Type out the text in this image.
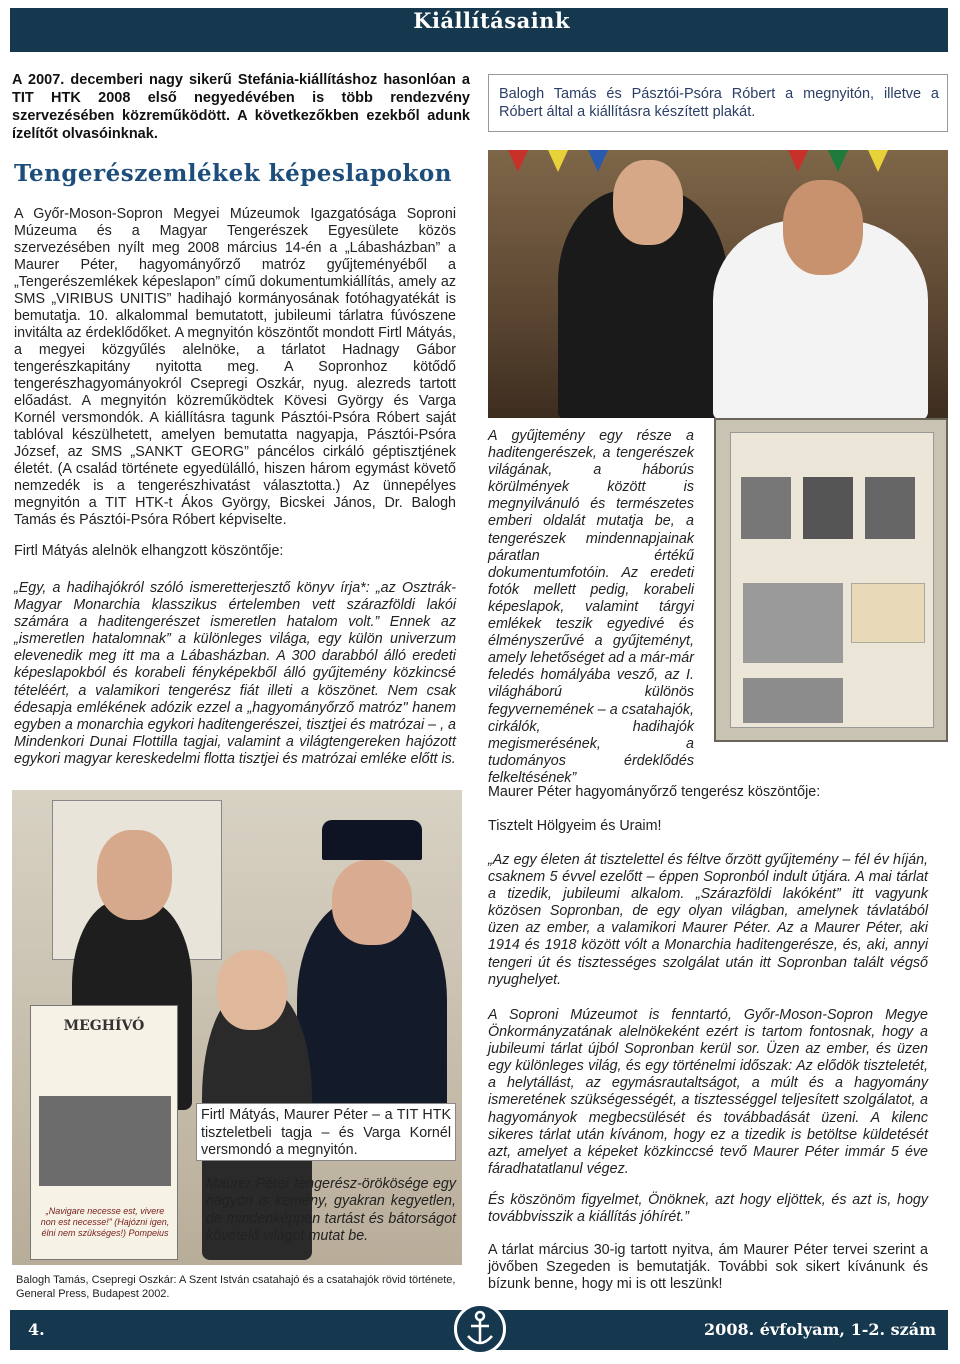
Kiállításaink
A 2007. decemberi nagy sikerű Stefánia-kiállításhoz hasonlóan a TIT HTK 2008 első negyedévében is több rendezvény szervezésében közreműködött. A következőkben ezekből adunk ízelítőt olvasóinknak.
Balogh Tamás és Pásztói-Psóra Róbert a megnyitón, illetve a Róbert által a kiállításra készített plakát.
Tengerészemlékek képeslapokon
A Győr-Moson-Sopron Megyei Múzeumok Igazgatósága Soproni Múzeuma és a Magyar Tengerészek Egyesülete közös szervezésében nyílt meg 2008 március 14-én a „Lábasházban” a Maurer Péter, hagyományőrző matróz gyűjteményéből a „Tengerészemlékek képeslapon” című dokumentumkiállítás, amely az SMS „VIRIBUS UNITIS” hadihajó kormányosának fotóhagyatékát is bemutatja. 10. alkalommal bemutatott, jubileumi tárlatra fúvószene invitálta az érdeklődőket. A megnyitón köszöntőt mondott Firtl Mátyás, a megyei közgyűlés alelnöke, a tárlatot Hadnagy Gábor tengerészkapitány nyitotta meg. A Sopronhoz kötődő tengerészhagyományokról Csepregi Oszkár, nyug. alezreds tartott előadást. A megnyitón közreműködtek Kövesi György és Varga Kornél versmondók. A kiállításra tagunk Pásztói-Psóra Róbert saját tablóval készülhetett, amelyen bemutatta nagyapja, Pásztói-Psóra József, az SMS „SANKT GEORG” páncélos cirkáló géptisztjének életét. (A család története egyedülálló, hiszen három egymást követő nemzedék is a tengerészhivatást választotta.) Az ünnepélyes megnyitón a TIT HTK-t Ákos György, Bicskei János, Dr. Balogh Tamás és Pásztói-Psóra Róbert képviselte.
Firtl Mátyás alelnök elhangzott köszöntője:
„Egy, a hadihajókról szóló ismeretterjesztő könyv írja*: „az Osztrák-Magyar Monarchia klasszikus értelemben vett szárazföldi lakói számára a haditengerészet ismeretlen hatalom volt.” Ennek az „ismeretlen hatalomnak” a különleges világa, egy külön univerzum elevenedik meg itt ma a Lábasházban. A 300 darabból álló eredeti képeslapokból és korabeli fényképekből álló gyűjtemény közkincsé tételéért, a valamikori tengerész fiát illeti a köszönet. Nem csak édesapja emlékének adózik ezzel a „hagyományőrző matróz" hanem egyben a monarchia egykori haditengerészei, tisztjei és matrózai – , a Mindenkori Dunai Flottilla tagjai, valamint a világtengereken hajózott egykori magyar kereskedelmi flotta tisztjei és matrózai emléke előtt is.
A gyűjtemény egy része a haditengerészek, a tengerészek világának, a háborús körülmények között is megnyilvánuló és természetes emberi oldalát mutatja be, a tengerészek mindennapjainak páratlan értékű dokumentumfotóin. Az eredeti fotók mellett pedig, korabeli képeslapok, valamint tárgyi emlékek teszik egyedivé és élményszerűvé a gyűjteményt, amely lehetőséget ad a már-már feledés homályába vesző, az I. világháború különös fegyvernemének – a csatahajók, cirkálók, hadihajók megismerésének, a tudományos érdeklődés felkeltésének”
Maurer Péter hagyományőrző tengerész köszöntője:
Tisztelt Hölgyeim és Uraim!
„Az egy életen át tisztelettel és féltve őrzött gyűjtemény – fél év híján, csaknem 5 évvel ezelőtt – éppen Sopronból indult útjára. A mai tárlat a tizedik, jubileumi alkalom. „Szárazföldi lakóként” itt vagyunk közösen Sopronban, de egy olyan világban, amelynek távlatából üzen az ember, a valamikori Maurer Péter. Az a Maurer Péter, aki 1914 és 1918 között vólt a Monarchia haditengerésze, és, aki, annyi tengeri út és tisztességes szolgálat után itt Sopronban talált végső nyughelyet.
A Soproni Múzeumot is fenntartó, Győr-Moson-Sopron Megye Önkormányzatának alelnökeként ezért is tartom fontosnak, hogy a jubileumi tárlat újból Sopronban kerül sor. Üzen az ember, és üzen egy különleges világ, és egy történelmi időszak: Az elődök tiszteletét, a helytállást, az egymásrautaltságot, a múlt és a hagyomány ismeretének szükségességét, a tisztességgel teljesített szolgálatot, a hagyományok megbecsülését és továbbadását üzeni. A kilenc sikeres tárlat után kívánom, hogy ez a tizedik is betöltse küldetését azt, amelyet a képeket közkinccsé tevő Maurer Péter immár 5 éve fáradhatatlanul végez.
És köszönöm figyelmet, Önöknek, azt hogy eljöttek, és azt is, hogy továbbvisszik a kiállítás jóhírét.”
A tárlat március 30-ig tartott nyitva, ám Maurer Péter tervei szerint a jövőben Szegeden is bemutatják. További sok sikert kívánunk és bízunk benne, hogy mi is ott leszünk!
MEGHÍVÓ
„Navigare necesse est, vivere non est necesse!” (Hajózni igen, élni nem szükséges!) Pompeius
Firtl Mátyás, Maurer Péter – a TIT HTK tiszteletbeli tagja – és Varga Kornél versmondó a megnyitón.
Maurer Péter tengerész-örökösége egy nagyon is kemény, gyakran kegyetlen, de mindenképpen tartást és bátorságot követelő világot mutat be.
Balogh Tamás, Csepregi Oszkár: A Szent István csatahajó és a csatahajók rövid története, General Press, Budapest 2002.
4.	2008. évfolyam, 1-2. szám
